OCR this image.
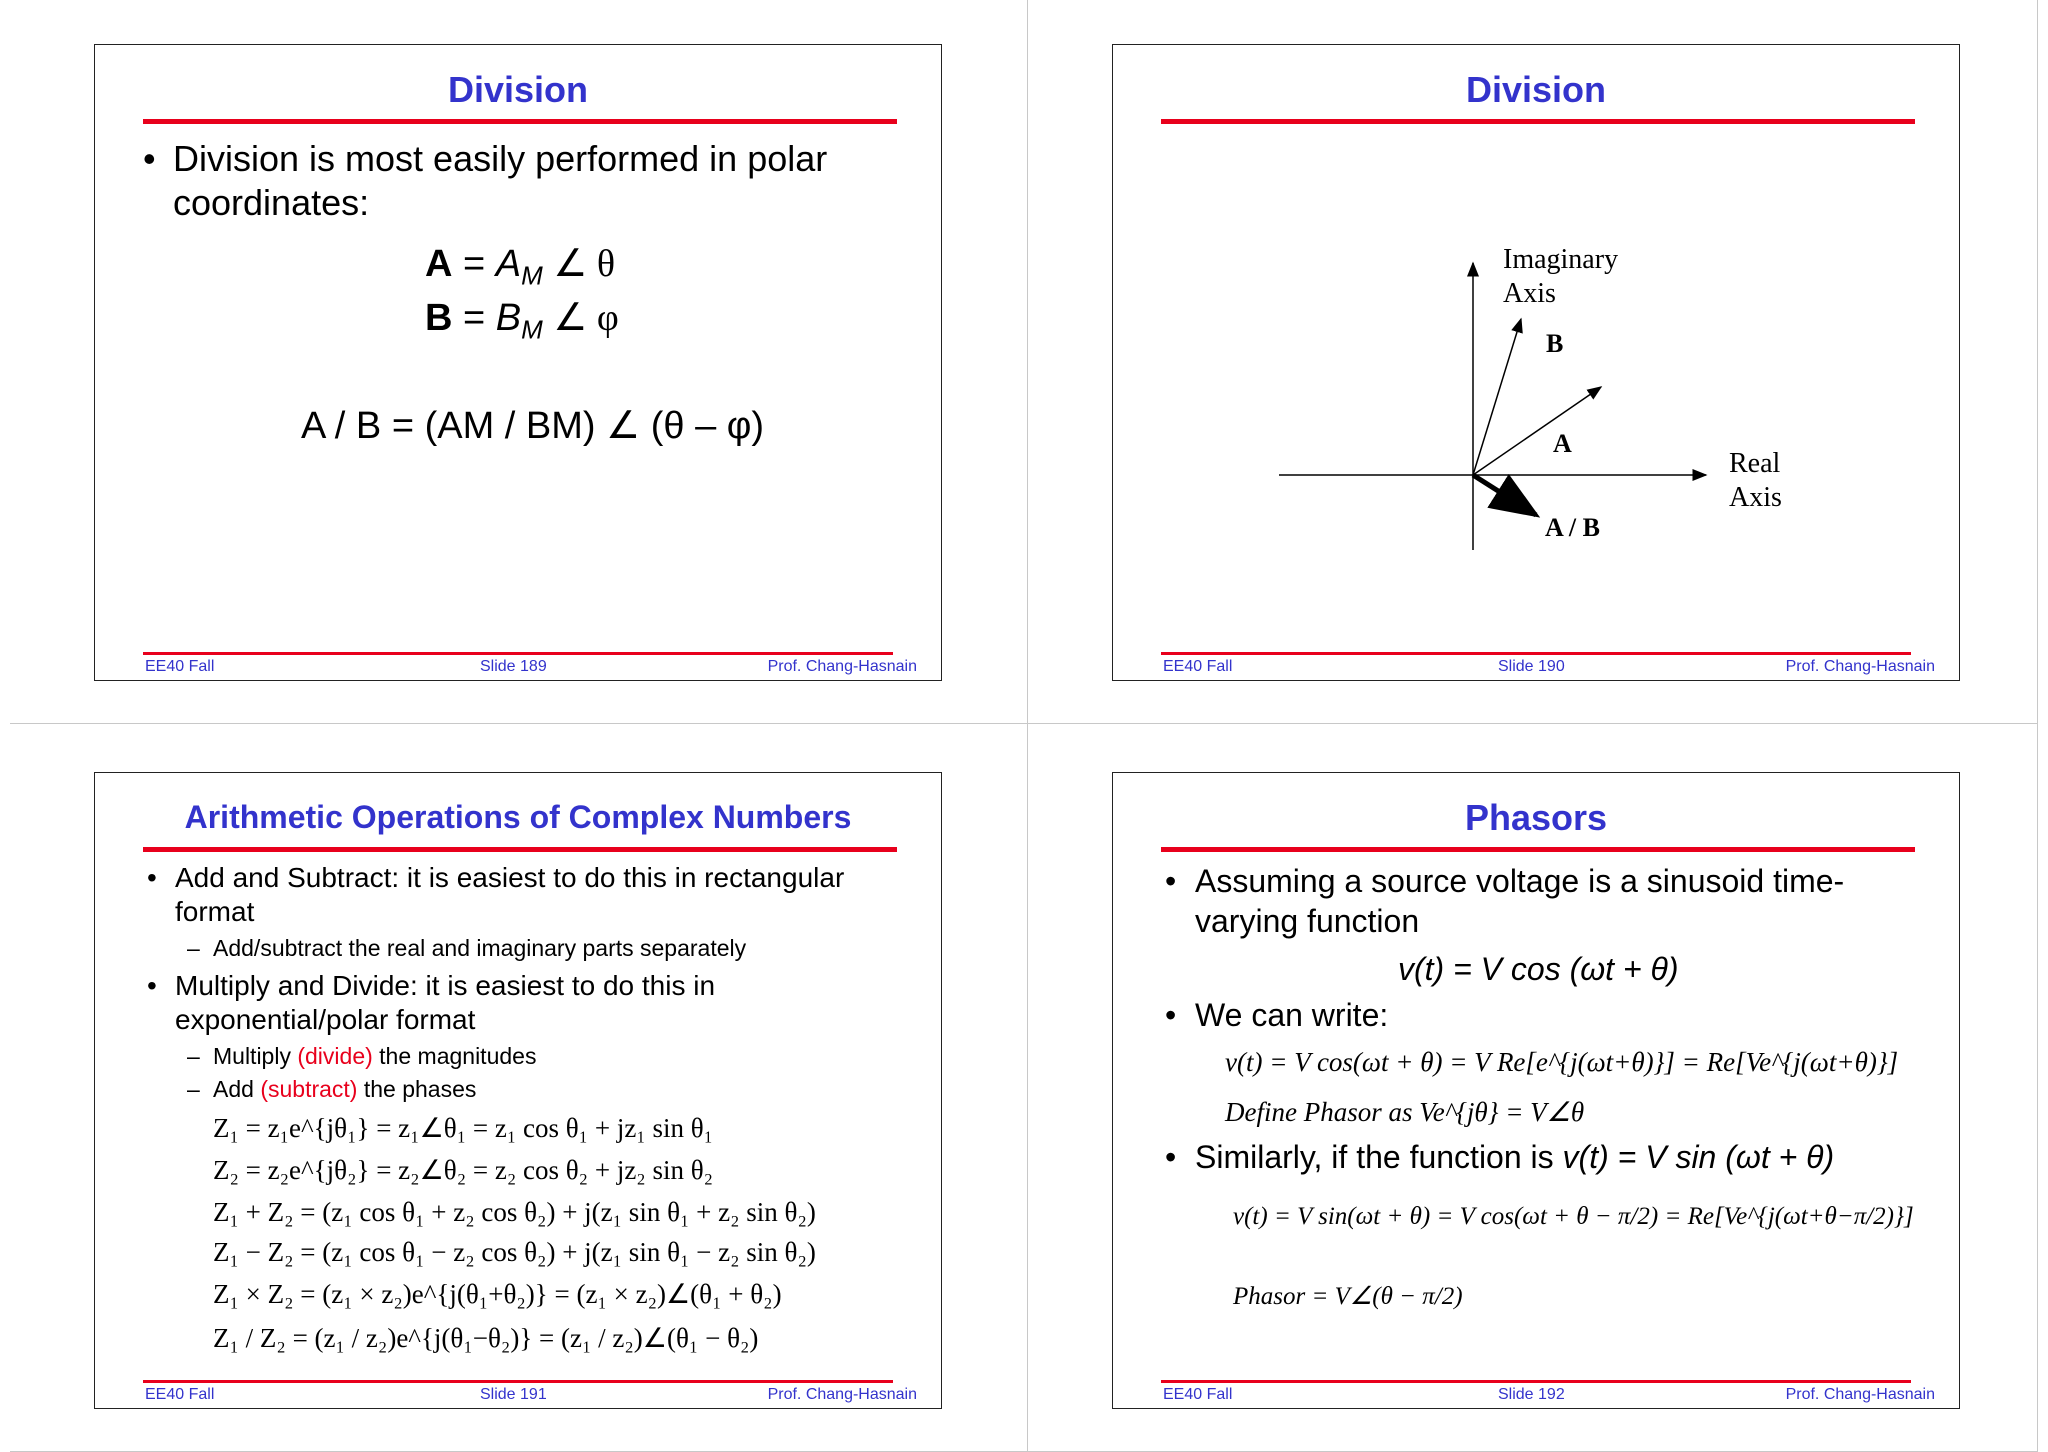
Division
• Division is most easily performed in polar coordinates:
$A = A_M$ ∠ θ
$B = B_M$ ∠ φ
A / B = (AM / BM) ∠ (θ – φ)
EE40 Fall	Slide 189	Prof. Chang-Hasnain
Division
Imaginary
Axis
Real
Axis
B
A
A / B
EE40 Fall	Slide 190	Prof. Chang-Hasnain
Arithmetic Operations of Complex Numbers
• Add and Subtract: it is easiest to do this in rectangular format
– Add/subtract the real and imaginary parts separately
• Multiply and Divide: it is easiest to do this in exponential/polar format
– Multiply (divide) the magnitudes
– Add (subtract) the phases
Z₁ = z₁e^{jθ₁} = z₁∠θ₁ = z₁ cos θ₁ + jz₁ sin θ₁
Z₂ = z₂e^{jθ₂} = z₂∠θ₂ = z₂ cos θ₂ + jz₂ sin θ₂
Z₁ + Z₂ = (z₁ cos θ₁ + z₂ cos θ₂) + j(z₁ sin θ₁ + z₂ sin θ₂)
Z₁ − Z₂ = (z₁ cos θ₁ − z₂ cos θ₂) + j(z₁ sin θ₁ − z₂ sin θ₂)
Z₁ × Z₂ = (z₁ × z₂)e^{j(θ₁+θ₂)} = (z₁ × z₂)∠(θ₁ + θ₂)
Z₁ / Z₂ = (z₁ / z₂)e^{j(θ₁−θ₂)} = (z₁ / z₂)∠(θ₁ − θ₂)
EE40 Fall	Slide 191	Prof. Chang-Hasnain
Phasors
• Assuming a source voltage is a sinusoid time-varying function
v(t) = V cos (ωt + θ)
• We can write:
v(t) = V cos(ωt + θ) = V Re[e^{j(ωt+θ)}] = Re[Ve^{j(ωt+θ)}]
Define Phasor as Ve^{jθ} = V∠θ
• Similarly, if the function is v(t) = V sin (ωt + θ)
v(t) = V sin(ωt + θ) = V cos(ωt + θ − π/2) = Re[Ve^{j(ωt+θ−π/2)}]
Phasor = V∠(θ − π/2)
EE40 Fall	Slide 192	Prof. Chang-Hasnain
